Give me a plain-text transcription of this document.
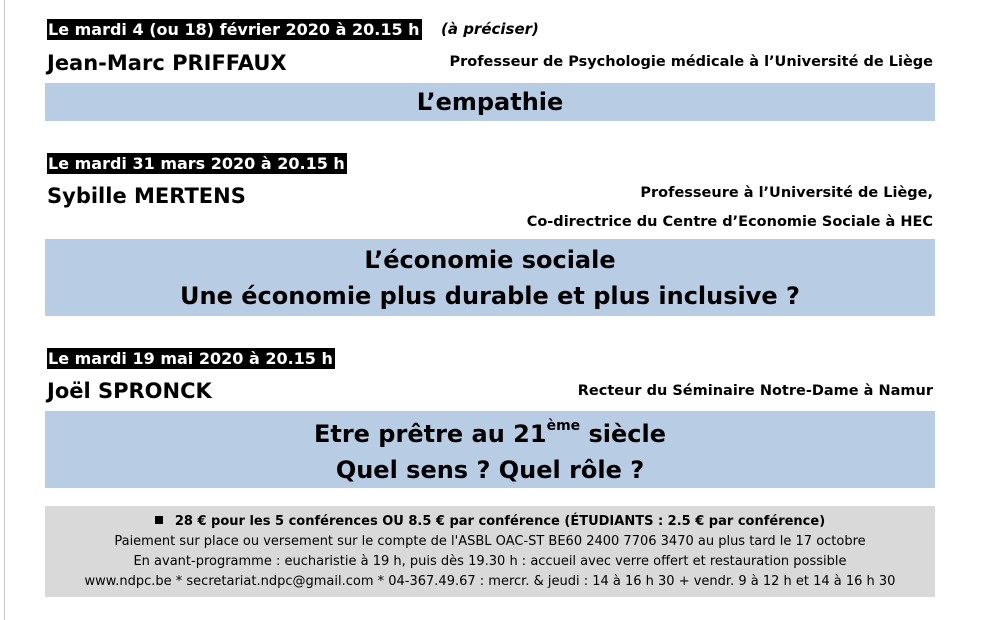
Le mardi 4 (ou 18) février 2020 à 20.15 h (à préciser)
Jean-Marc PRIFFAUX	Professeur de Psychologie médicale à l’Université de Liège
L’empathie
Le mardi 31 mars 2020 à 20.15 h
Sybille MERTENS	Professeure à l’Université de Liège,
Co-directrice du Centre d’Economie Sociale à HEC
L’économie sociale
Une économie plus durable et plus inclusive ?
Le mardi 19 mai 2020 à 20.15 h
Joël SPRONCK	Recteur du Séminaire Notre-Dame à Namur
Etre prêtre au 21ème siècle
Quel sens ? Quel rôle ?
28 € pour les 5 conférences OU 8.5 € par conférence (ÉTUDIANTS : 2.5 € par conférence)
Paiement sur place ou versement sur le compte de l'ASBL OAC-ST BE60 2400 7706 3470 au plus tard le 17 octobre
En avant-programme : eucharistie à 19 h, puis dès 19.30 h : accueil avec verre offert et restauration possible
www.ndpc.be * secretariat.ndpc@gmail.com * 04-367.49.67 : mercr. & jeudi : 14 à 16 h 30 + vendr. 9 à 12 h et 14 à 16 h 30
